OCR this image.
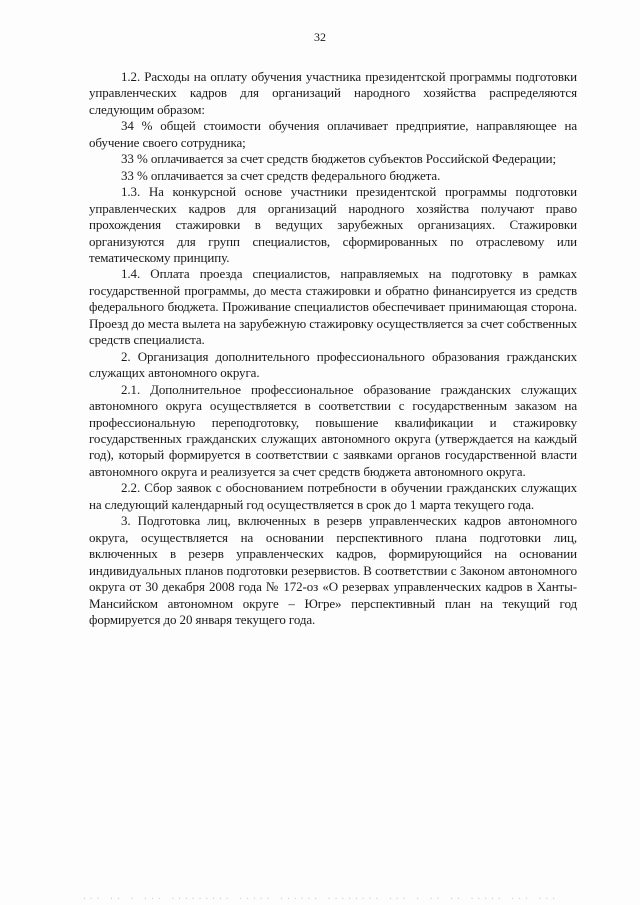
32

1.2. Расходы на оплату обучения участника президентской программы подготовки управленческих кадров для организаций народного хозяйства распределяются следующим образом:

34 % общей стоимости обучения оплачивает предприятие, направляющее на обучение своего сотрудника;

33 % оплачивается за счет средств бюджетов субъектов Российской Федерации;

33 % оплачивается за счет средств федерального бюджета.

1.3. На конкурсной основе участники президентской программы подготовки управленческих кадров для организаций народного хозяйства получают право прохождения стажировки в ведущих зарубежных организациях. Стажировки организуются для групп специалистов, сформированных по отраслевому или тематическому принципу.

1.4. Оплата проезда специалистов, направляемых на подготовку в рамках государственной программы, до места стажировки и обратно финансируется из средств федерального бюджета. Проживание специалистов обеспечивает принимающая сторона. Проезд до места вылета на зарубежную стажировку осуществляется за счет собственных средств специалиста.

2. Организация дополнительного профессионального образования гражданских служащих автономного округа.

2.1. Дополнительное профессиональное образование гражданских служащих автономного округа осуществляется в соответствии с государственным заказом на профессиональную переподготовку, повышение квалификации и стажировку государственных гражданских служащих автономного округа (утверждается на каждый год), который формируется в соответствии с заявками органов государственной власти автономного округа и реализуется за счет средств бюджета автономного округа.

2.2. Сбор заявок с обоснованием потребности в обучении гражданских служащих на следующий календарный год осуществляется в срок до 1 марта текущего года.

3. Подготовка лиц, включенных в резерв управленческих кадров автономного округа, осуществляется на основании перспективного плана подготовки лиц, включенных в резерв управленческих кадров, формирующийся на основании индивидуальных планов подготовки резервистов. В соответствии с Законом автономного округа от 30 декабря 2008 года № 172-оз «О резервах управленческих кадров в Ханты-Мансийском автономном округе – Югре» перспективный план на текущий год формируется до 20 января текущего года.

... .. . ... ......... ..... ...... ........ ... . .. .. ..... ... ...
